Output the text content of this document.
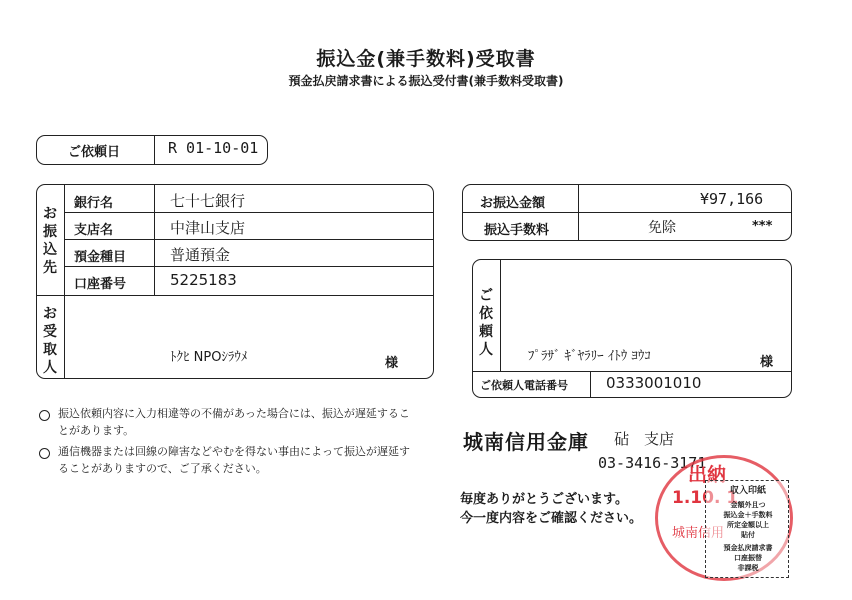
振込金(兼手数料)受取書
預金払戻請求書による振込受付書(兼手数料受取書)
ご依頼日	R 01-10-01
お
振
込
先
銀行名	七十七銀行
支店名	中津山支店
預金種目	普通預金
口座番号	5225183
お
受
取
人
ﾄｸﾋ NPOｼﾗｳﾒ	様
お振込金額	¥97,166
振込手数料	免除	***
ご
依
頼
人	ﾌﾟﾗｻﾞ ｷﾞﾔﾗﾘｰ ｲﾄｳ ﾖｳｺ	様
ご依頼人電話番号	0333001010
振込依頼内容に入力相違等の不備があった場合には、振込が遅延することがあります。
通信機器または回線の障害などやむを得ない事由によって振込が遅延することがありますので、ご了承ください。
城南信用金庫 砧　支店
03-3416-3171
毎度ありがとうございます。
今一度内容をご確認ください。
出納
1.10. 1
城南信用
収入印紙
金額外且つ
振込金＋手数料
所定金額以上
貼付
預金払戻請求書
口座振替
非課税
